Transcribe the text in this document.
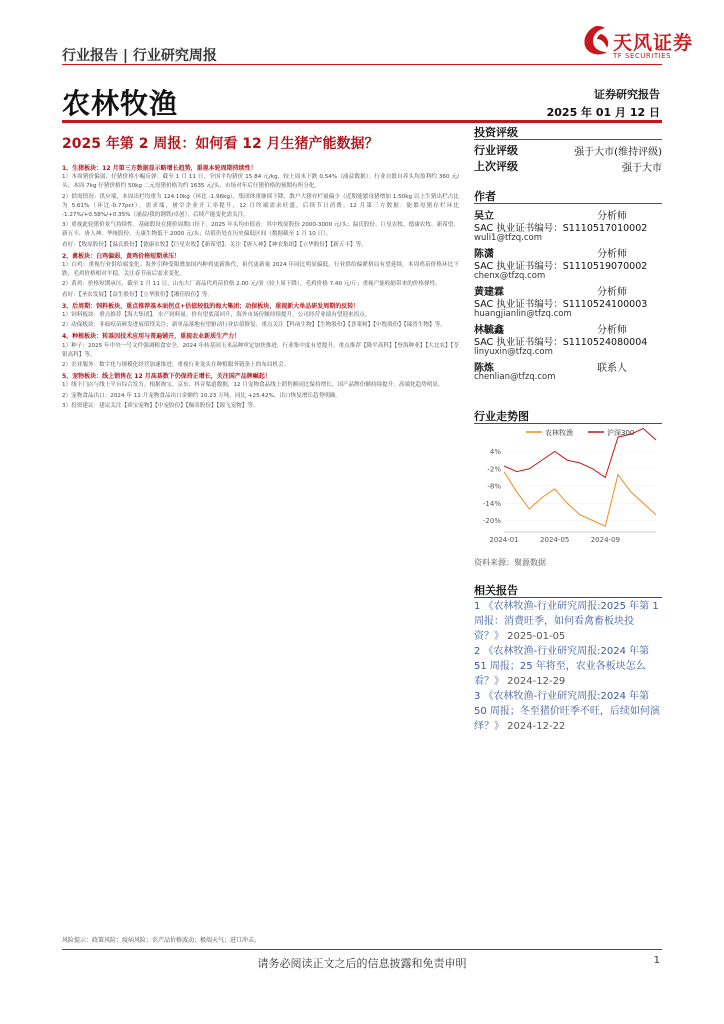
行业报告 | 行业研究周报
天风证券
TF SECURITIES
农林牧渔	证券研究报告
2025 年 01 月 12 日
2025 年第 2 周报：如何看 12 月生猪产能数据？
1、生猪板块：12 月第三方数据显示略增长趋势，重视本轮周期持续性！

1）本周猪价偏弱，仔猪价格小幅反弹。截至 1 月 11 日，全国平均猪价 15.84 元/kg，较上周末下跌 0.54%（涌益数据）。行业自繁自养头均盈利约 360 元/头；本周 7kg 仔猪价格约 50kg 二元母猪价格为约 1635 元/头，市场对年后仔猪价格的预期有所分化。

2）供需情况：供应端，本周出栏均重为 124.10kg（环比 -1.96kg），集团体重继续下降，散户大猪存栏量偏少（近期能繁母猪增加 1.50kg 以上生猪出栏占比为 5.61%（环比-0.77pct）。需求端，屠宰企业开工率提升，12 月终端需求旺盛，后续节日消费。12 月第三方数据：能繁母猪存栏环比 -1.27%/+0.58%/+0.35%（涌益/我的钢铁/卓创），后续产能变化需关注。

3）重视此轮猪价景气持续性。基础假设在猪价周期口径下，2025 年头均市值看：其中牧原股份 2000-3000 元/头；温氏股份、巨星农牧、德康农牧、新希望、新五丰、唐人神、华统股份、天康生物低于 2000 元/头；估值仍处在历史偏低区间（数据截至 1 月 10 日）。

看好：【牧原股份】【温氏股份】【德康农牧】【巨星农牧】【新希望】，关注【唐人神】【神农集团】【立华股份】【新五丰】等。

2、禽板块：白鸡偏弱，黄鸡价格短期承压！

1）白鸡：重视行业供给端变化。海外引种受限叠加国内种鸡更新换代，祖代更新量 2024 年同比明显偏低，行业供给偏紧格局有望延续。本周鸡苗价格环比下跌，毛鸡价格相对平稳，关注春节前后需求变化。

2）黄鸡：价格短期承压，截至 1 月 11 日，山东大厂商品代鸡苗价格 2.00 元/羽（较上周下降），毛鸡价格 7.40 元/斤；重视产能收缩带来的价格弹性。

看好：【圣农发展】【益生股份】【立华股份】【湘佳股份】等。

3、后周期：饲料板块，重点推荐基本面拐点+估值较低的海大集团；动保板块，重视新大单品研发周期的反转！

1）饲料板块：重点推荐【海大集团】。水产饲料量、价有望底部回升，海外市场份额持续提升，公司经营业绩有望迎来拐点。

2）动保板块：非瘟疫苗研发进展值得关注；新单品落地有望驱动行业估值修复。重点关注【科前生物】【生物股份】【普莱柯】【中牧股份】【瑞普生物】等。

4、种植板块：转基因技术应用与普遍铺开，重视农业新质生产力！

1）种子：2025 年中央一号文件强调粮食安全，2024 年转基因玉米品种审定加快推进，行业集中度有望提升。重点推荐【隆平高科】【登海种业】【大北农】【荃银高科】等。

2）农业服务：数字化与规模化经营加速推进，重视行业龙头在种植服务链条上的布局机会。

5、宠物板块：线上销售在 12 月高基数下仍保持正增长，关注国产品牌崛起！

1）线下门店与线上平台综合发力。根据淘宝、京东、抖音渠道数据，12 月宠物食品线上销售额同比保持增长，国产品牌份额持续提升，高端化趋势明显。

2）宠物食品出口：2024 年 11 月宠物食品出口金额约 10.23 万吨，同比 +25.42%，出口恢复增长趋势明确。

3）投资建议：建议关注【乖宝宠物】【中宠股份】【佩蒂股份】【源飞宠物】等。

风险提示：政策风险；疫病风险；农产品价格波动；极端天气；进口冲击。
投资评级
行业评级	强于大市(维持评级)
上次评级	强于大市
作者
吴立	分析师
SAC 执业证书编号：S1110517010002
wuli1@tfzq.com
陈潇	分析师
SAC 执业证书编号：S1110519070002
chenx@tfzq.com
黄建霖	分析师
SAC 执业证书编号：S1110524100003
huangjianlin@tfzq.com
林毓鑫	分析师
SAC 执业证书编号：S1110524080004
linyuxin@tfzq.com
陈炼	联系人
chenlian@tfzq.com
行业走势图
4%
-2%
-8%
-14%
-20%
2024-01	2024-05	2024-09
农林牧渔	沪深300
资料来源：聚源数据
相关报告
1 《农林牧渔-行业研究周报:2025 年第 1 周报：消费旺季，如何看禽畜板块投资？》 2025-01-05
2 《农林牧渔-行业研究周报:2024 年第 51 周报；25 年将至，农业各板块怎么看？》 2024-12-29
3 《农林牧渔-行业研究周报:2024 年第 50 周报；冬至猪价旺季不旺，后续如何演绎？》 2024-12-22
请务必阅读正文之后的信息披露和免责申明	1
